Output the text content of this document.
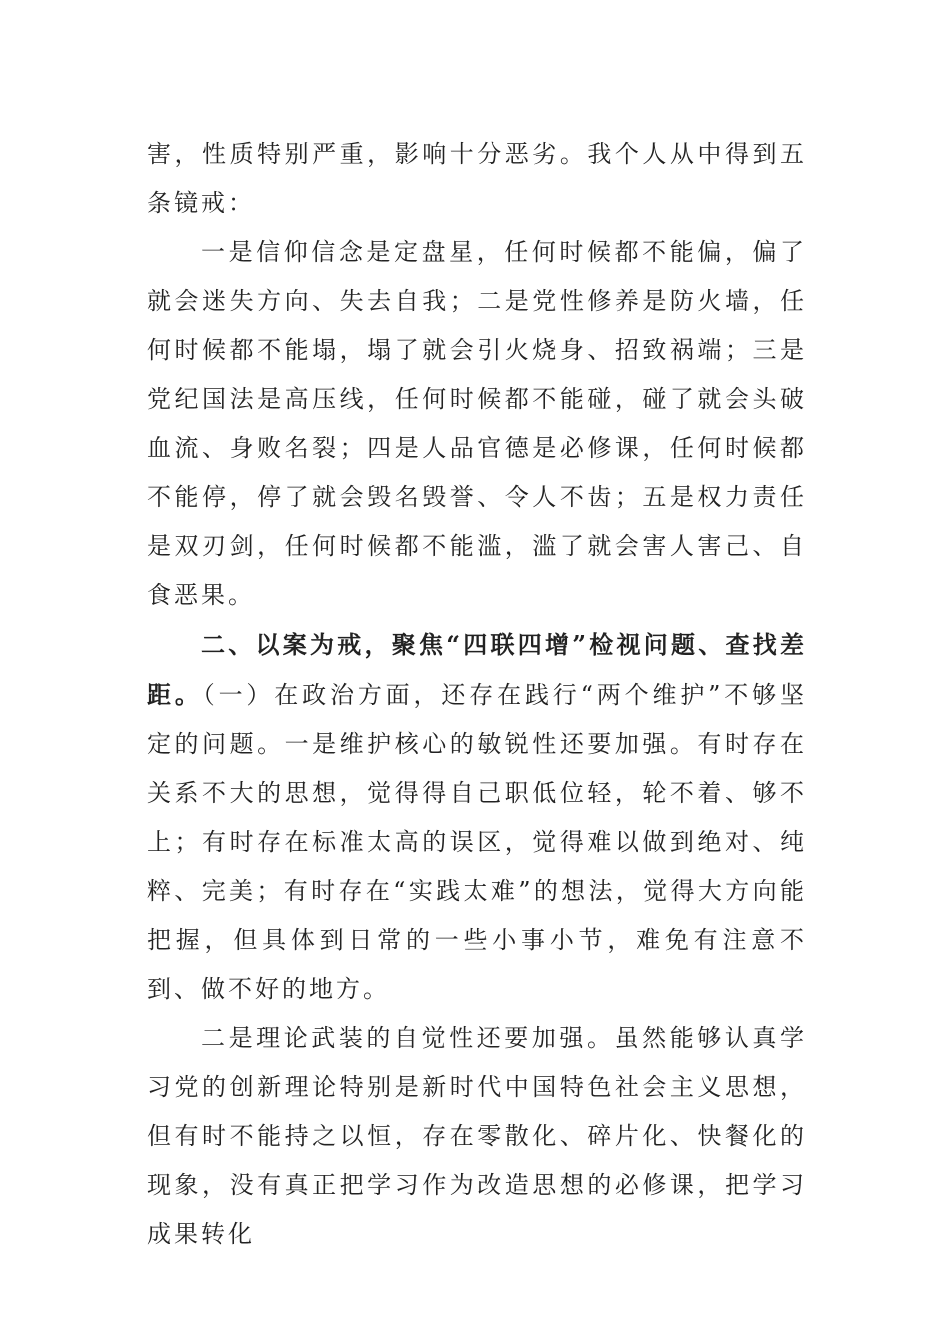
害，性质特别严重，影响十分恶劣。我个人从中得到五条镜戒：

一是信仰信念是定盘星，任何时候都不能偏，偏了就会迷失方向、失去自我；二是党性修养是防火墙，任何时候都不能塌，塌了就会引火烧身、招致祸端；三是党纪国法是高压线，任何时候都不能碰，碰了就会头破血流、身败名裂；四是人品官德是必修课，任何时候都不能停，停了就会毁名毁誉、令人不齿；五是权力责任是双刃剑，任何时候都不能滥，滥了就会害人害己、自食恶果。

二、以案为戒，聚焦“四联四增”检视问题、查找差距。（一）在政治方面，还存在践行“两个维护”不够坚定的问题。一是维护核心的敏锐性还要加强。有时存在关系不大的思想，觉得得自己职低位轻，轮不着、够不上；有时存在标准太高的误区，觉得难以做到绝对、纯粹、完美；有时存在“实践太难”的想法，觉得大方向能把握，但具体到日常的一些小事小节，难免有注意不到、做不好的地方。

二是理论武装的自觉性还要加强。虽然能够认真学习党的创新理论特别是新时代中国特色社会主义思想，但有时不能持之以恒，存在零散化、碎片化、快餐化的现象，没有真正把学习作为改造思想的必修课，把学习成果转化
